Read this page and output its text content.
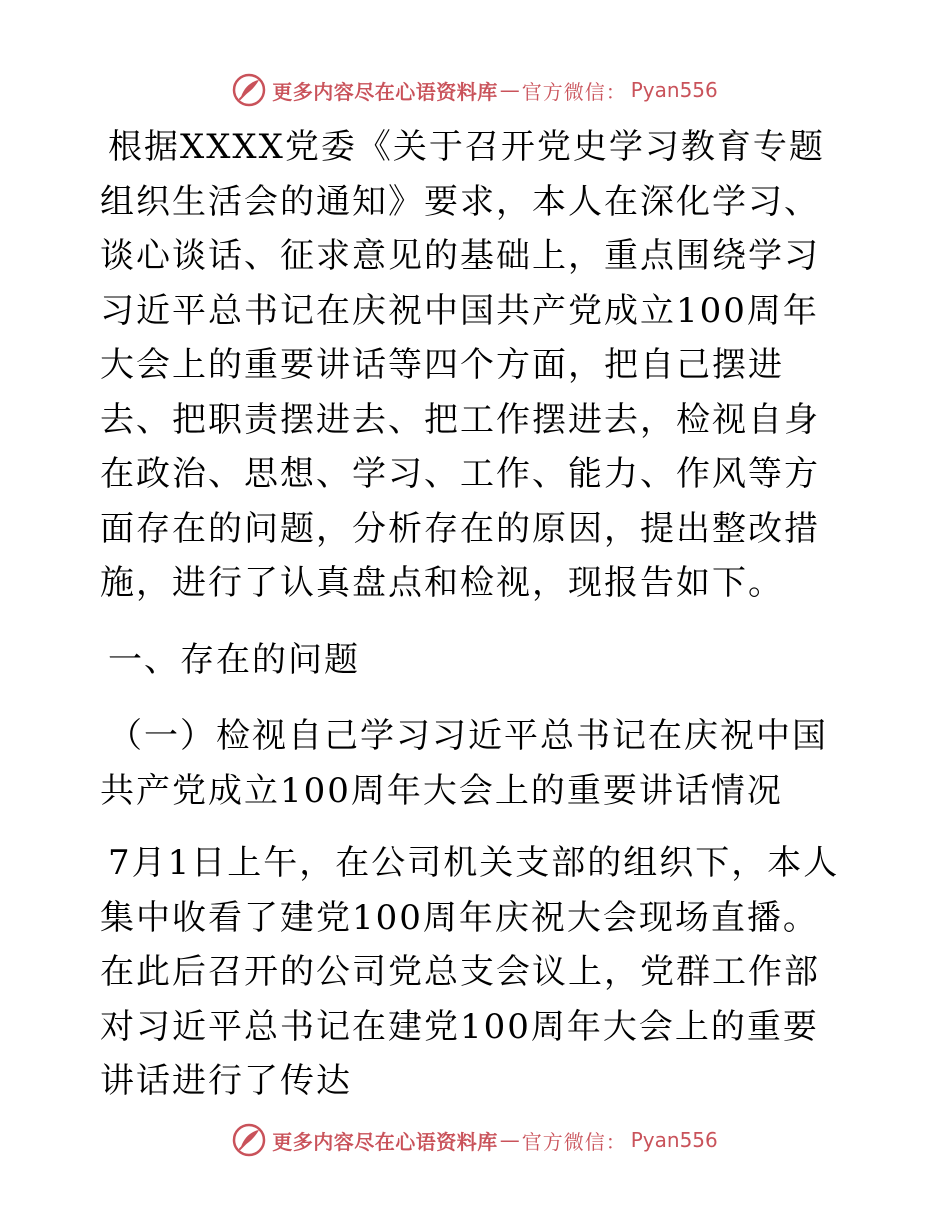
更多内容尽在心语资料库 — 官方微信： Pyan556

根据XXXX党委《关于召开党史学习教育专题组织生活会的通知》要求，本人在深化学习、谈心谈话、征求意见的基础上，重点围绕学习习近平总书记在庆祝中国共产党成立100周年大会上的重要讲话等四个方面，把自己摆进去、把职责摆进去、把工作摆进去，检视自身在政治、思想、学习、工作、能力、作风等方面存在的问题，分析存在的原因，提出整改措施，进行了认真盘点和检视，现报告如下。

一、存在的问题

（一）检视自己学习习近平总书记在庆祝中国共产党成立100周年大会上的重要讲话情况

7月1日上午，在公司机关支部的组织下，本人集中收看了建党100周年庆祝大会现场直播。在此后召开的公司党总支会议上，党群工作部对习近平总书记在建党100周年大会上的重要讲话进行了传达

更多内容尽在心语资料库 — 官方微信： Pyan556
